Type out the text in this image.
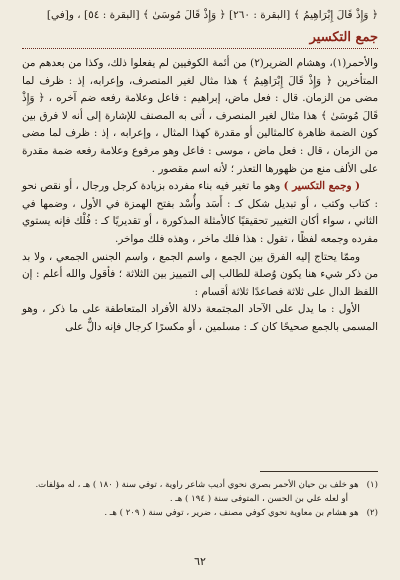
﴿ وَإِذْ قَالَ إِبْرَاهِيمُ ﴾ [البقرة : ٢٦٠] ﴿ وَإِذْ قَالَ مُوسَىٰ ﴾ [البقرة : ٥٤] ، و[في]
جمع التكسير

والأحمر(١)، وهشام الضرير(٢) من أئمة الكوفيين لم يفعلوا ذلك، وكذا من بعدهم من المتأخرين ﴿ وَإِذْ قَالَ إِبْرَاهِيمُ ﴾ هذا مثال لغير المنصرف، وإعرابه، إذ : ظرف لما مضى من الزمان. قال : فعل ماض، إبراهيم : فاعل وعلامة رفعه ضم آخره ، ﴿ وَإِذْ قَالَ مُوسَىٰ ﴾ هذا مثال لغير المنصرف ، أتى به المصنف للإشارة إلى أنه لا فرق بين كون الضمة ظاهرة كالمثالين أو مقدرة كهذا المثال ، وإعرابه ، إذ : ظرف لما مضى من الزمان ، قال : فعل ماض ، موسى : فاعل وهو مرفوع وعلامة رفعه ضمة مقدرة على الألف منع من ظهورها التعذر ؛ لأنه اسم مقصور .

( وجمع التكسير ) وهو ما تغير فيه بناء مفرده بزيادة كرجل ورجال ، أو نقص نحو : كتاب وكتب ، أو تبديل شكل كـ : أَسَد وأُسْد بفتح الهمزة في الأول ، وضمها في الثاني ، سواء أكان التغيير تحقيقيًا كالأمثلة المذكورة ، أو تقديريًا كـ : فُلْك فإنه يستوي مفرده وجمعه لفظًا ، تقول : هذا فلك ماخر ، وهذه فلك مواخر.

وممّا يحتاج إليه الفرق بين الجمع ، واسم الجمع ، واسم الجنس الجمعي ، ولا بد من ذكر شيء هنا يكون وُصلة للطالب إلى التمييز بين الثلاثة ؛ فأقول والله أعلم : إن اللفظ الدال على ثلاثة فصاعدًا ثلاثة أقسام :

الأول : ما يدل على الآحاد المجتمعة دلالة الأفراد المتعاطفة على ما ذكر ، وهو المسمى بالجمع صحيحًا كان كـ : مسلمين ، أو مكسرًا كرجال فإنه دالٌّ على

(١)هو خلف بن حيان الأحمر بصري نحوي أديب شاعر راوية ، توفي سنة ( ١٨٠ ) هـ ، له مؤلفات.

أو لعله علي بن الحسن ، المتوفى سنة ( ١٩٤ ) هـ .

(٢)هو هشام بن معاوية نحوي كوفي مصنف ، ضرير ، توفي سنة ( ٢٠٩ ) هـ .

٦٢
